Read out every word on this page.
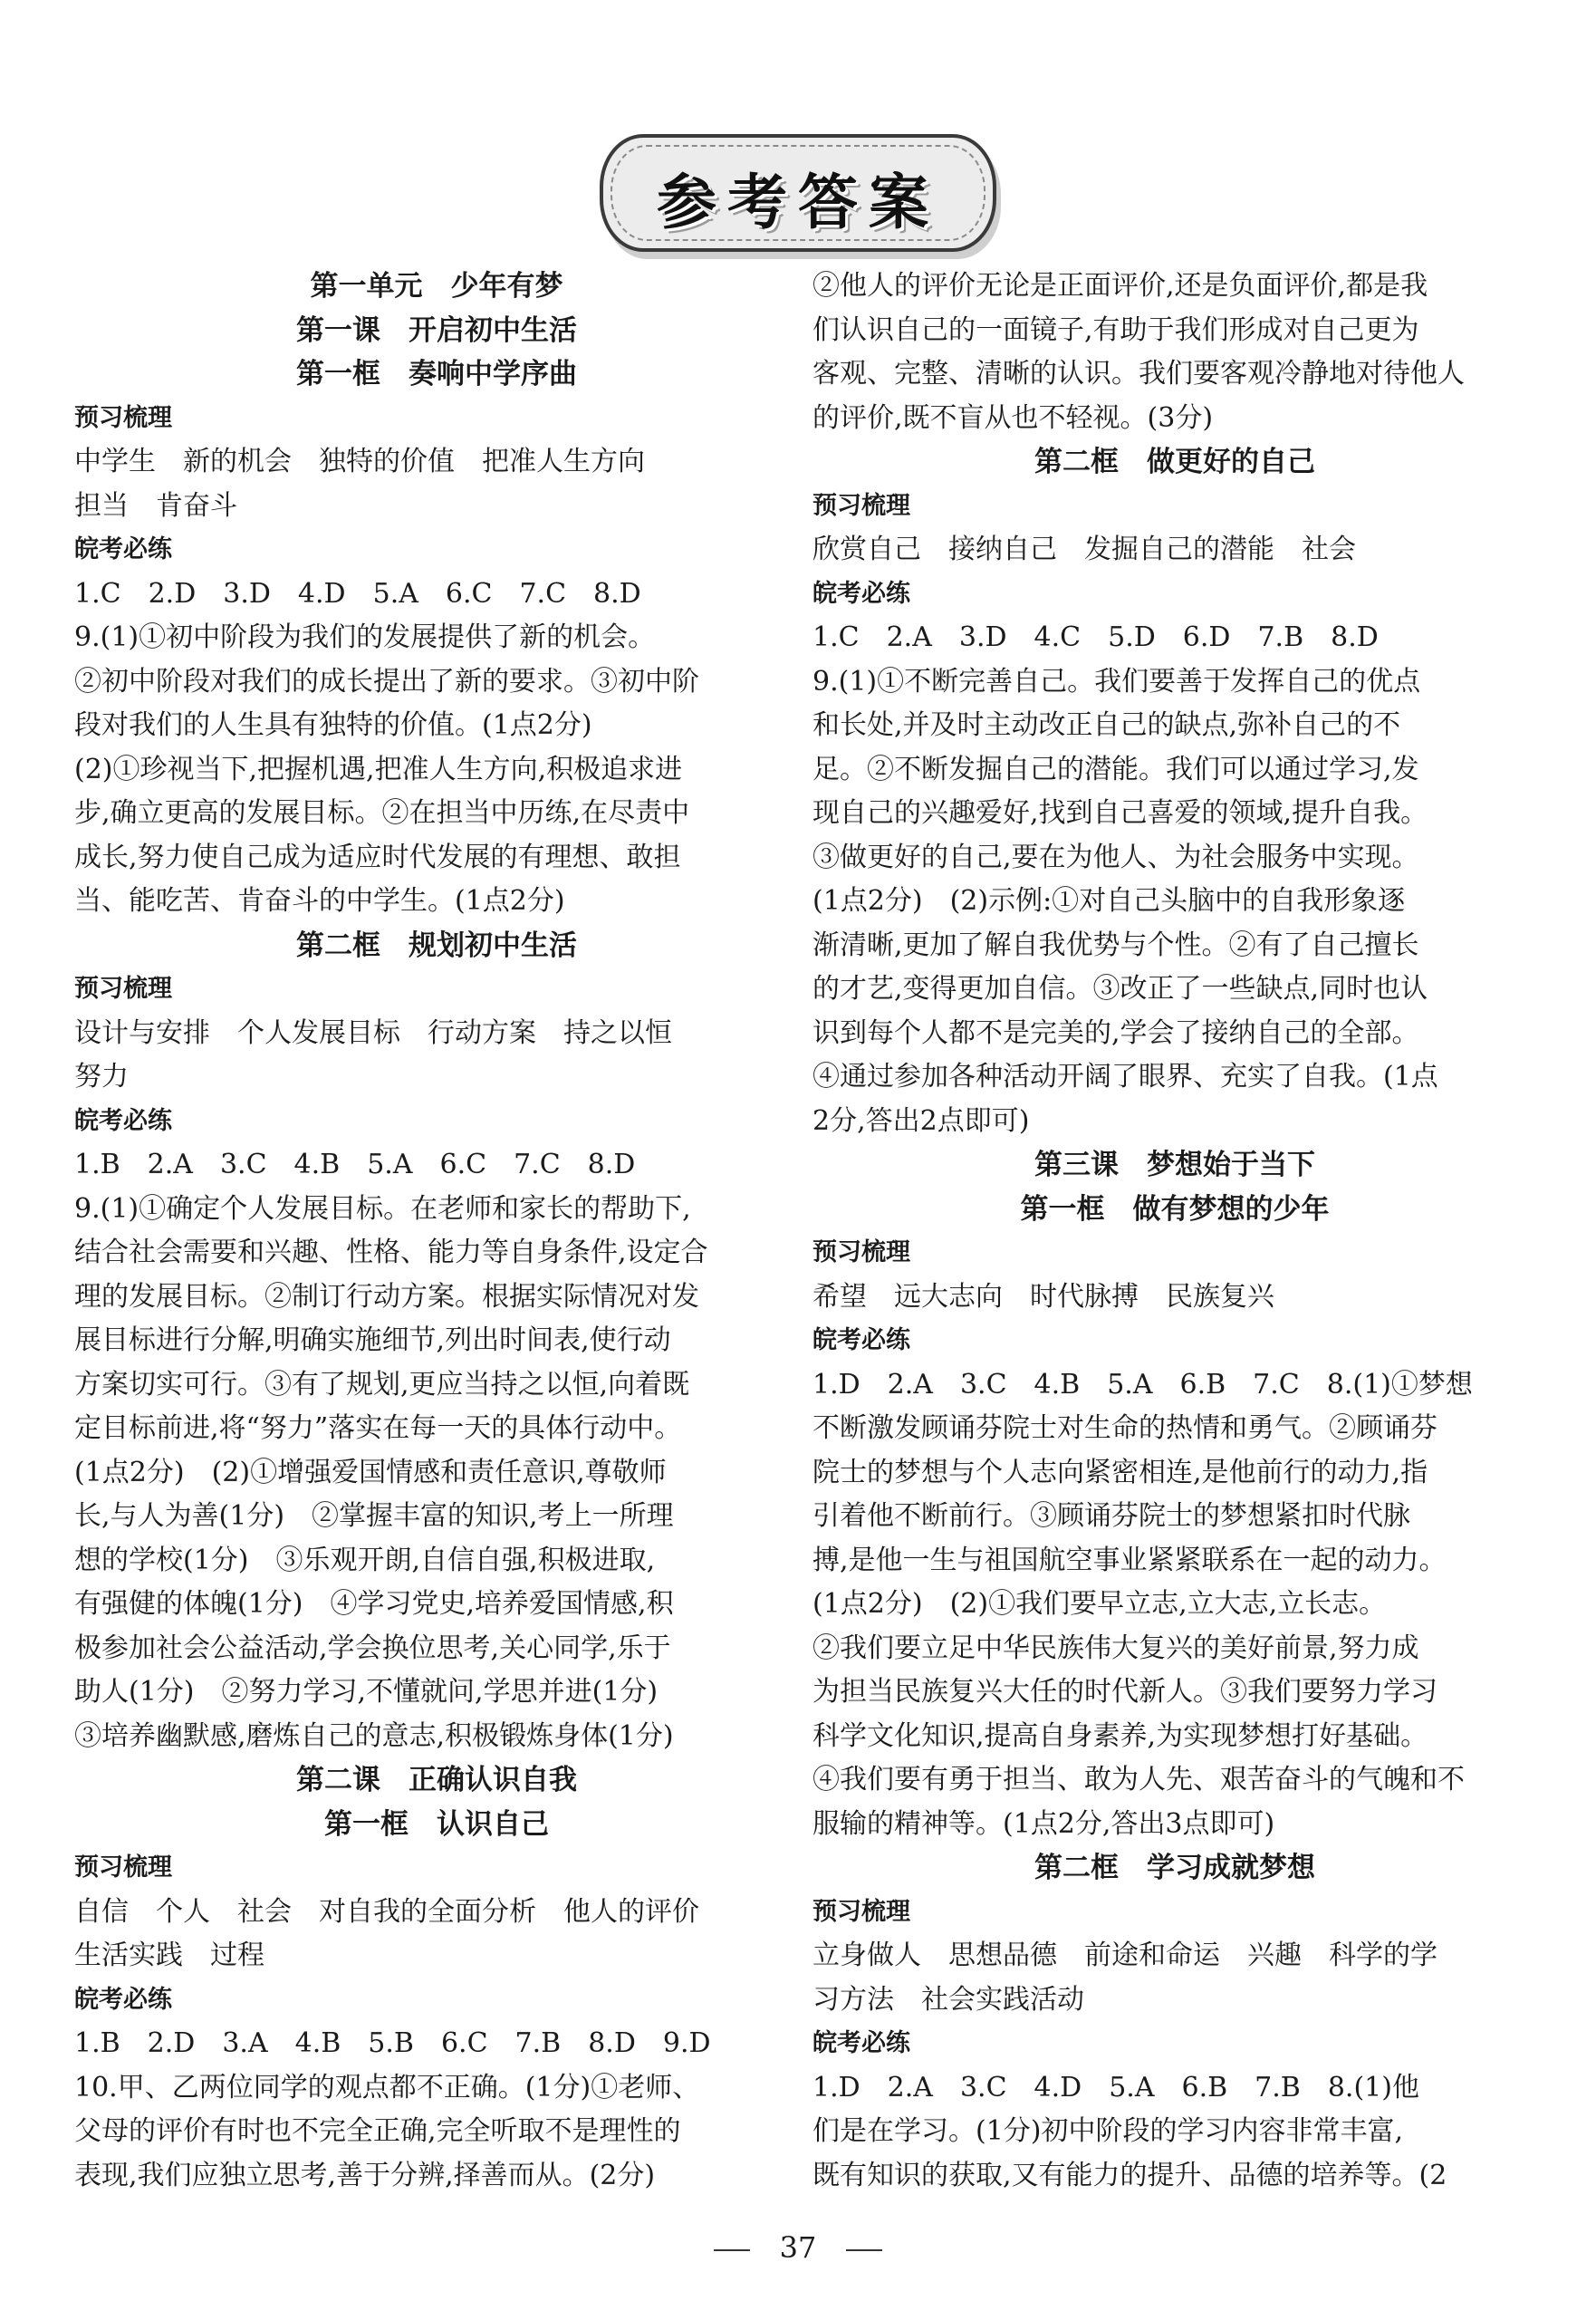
参考答案
第一单元　少年有梦
第一课　开启初中生活
第一框　奏响中学序曲
预习梳理
中学生　新的机会　独特的价值　把准人生方向
担当　肯奋斗
皖考必练
1.C　2.D　3.D　4.D　5.A　6.C　7.C　8.D
9.(1)①初中阶段为我们的发展提供了新的机会。
②初中阶段对我们的成长提出了新的要求。③初中阶
段对我们的人生具有独特的价值。(1点2分)
(2)①珍视当下,把握机遇,把准人生方向,积极追求进
步,确立更高的发展目标。②在担当中历练,在尽责中
成长,努力使自己成为适应时代发展的有理想、敢担
当、能吃苦、肯奋斗的中学生。(1点2分)
第二框　规划初中生活
预习梳理
设计与安排　个人发展目标　行动方案　持之以恒
努力
皖考必练
1.B　2.A　3.C　4.B　5.A　6.C　7.C　8.D
9.(1)①确定个人发展目标。在老师和家长的帮助下,
结合社会需要和兴趣、性格、能力等自身条件,设定合
理的发展目标。②制订行动方案。根据实际情况对发
展目标进行分解,明确实施细节,列出时间表,使行动
方案切实可行。③有了规划,更应当持之以恒,向着既
定目标前进,将“努力”落实在每一天的具体行动中。
(1点2分)　(2)①增强爱国情感和责任意识,尊敬师
长,与人为善(1分)　②掌握丰富的知识,考上一所理
想的学校(1分)　③乐观开朗,自信自强,积极进取,
有强健的体魄(1分)　④学习党史,培养爱国情感,积
极参加社会公益活动,学会换位思考,关心同学,乐于
助人(1分)　②努力学习,不懂就问,学思并进(1分)
③培养幽默感,磨炼自己的意志,积极锻炼身体(1分)
第二课　正确认识自我
第一框　认识自己
预习梳理
自信　个人　社会　对自我的全面分析　他人的评价
生活实践　过程
皖考必练
1.B　2.D　3.A　4.B　5.B　6.C　7.B　8.D　9.D
10.甲、乙两位同学的观点都不正确。(1分)①老师、
父母的评价有时也不完全正确,完全听取不是理性的
表现,我们应独立思考,善于分辨,择善而从。(2分)
②他人的评价无论是正面评价,还是负面评价,都是我
们认识自己的一面镜子,有助于我们形成对自己更为
客观、完整、清晰的认识。我们要客观冷静地对待他人
的评价,既不盲从也不轻视。(3分)
第二框　做更好的自己
预习梳理
欣赏自己　接纳自己　发掘自己的潜能　社会
皖考必练
1.C　2.A　3.D　4.C　5.D　6.D　7.B　8.D
9.(1)①不断完善自己。我们要善于发挥自己的优点
和长处,并及时主动改正自己的缺点,弥补自己的不
足。②不断发掘自己的潜能。我们可以通过学习,发
现自己的兴趣爱好,找到自己喜爱的领域,提升自我。
③做更好的自己,要在为他人、为社会服务中实现。
(1点2分)　(2)示例:①对自己头脑中的自我形象逐
渐清晰,更加了解自我优势与个性。②有了自己擅长
的才艺,变得更加自信。③改正了一些缺点,同时也认
识到每个人都不是完美的,学会了接纳自己的全部。
④通过参加各种活动开阔了眼界、充实了自我。(1点
2分,答出2点即可)
第三课　梦想始于当下
第一框　做有梦想的少年
预习梳理
希望　远大志向　时代脉搏　民族复兴
皖考必练
1.D　2.A　3.C　4.B　5.A　6.B　7.C　8.(1)①梦想
不断激发顾诵芬院士对生命的热情和勇气。②顾诵芬
院士的梦想与个人志向紧密相连,是他前行的动力,指
引着他不断前行。③顾诵芬院士的梦想紧扣时代脉
搏,是他一生与祖国航空事业紧紧联系在一起的动力。
(1点2分)　(2)①我们要早立志,立大志,立长志。
②我们要立足中华民族伟大复兴的美好前景,努力成
为担当民族复兴大任的时代新人。③我们要努力学习
科学文化知识,提高自身素养,为实现梦想打好基础。
④我们要有勇于担当、敢为人先、艰苦奋斗的气魄和不
服输的精神等。(1点2分,答出3点即可)
第二框　学习成就梦想
预习梳理
立身做人　思想品德　前途和命运　兴趣　科学的学
习方法　社会实践活动
皖考必练
1.D　2.A　3.C　4.D　5.A　6.B　7.B　8.(1)他
们是在学习。(1分)初中阶段的学习内容非常丰富,
既有知识的获取,又有能力的提升、品德的培养等。(2
37
